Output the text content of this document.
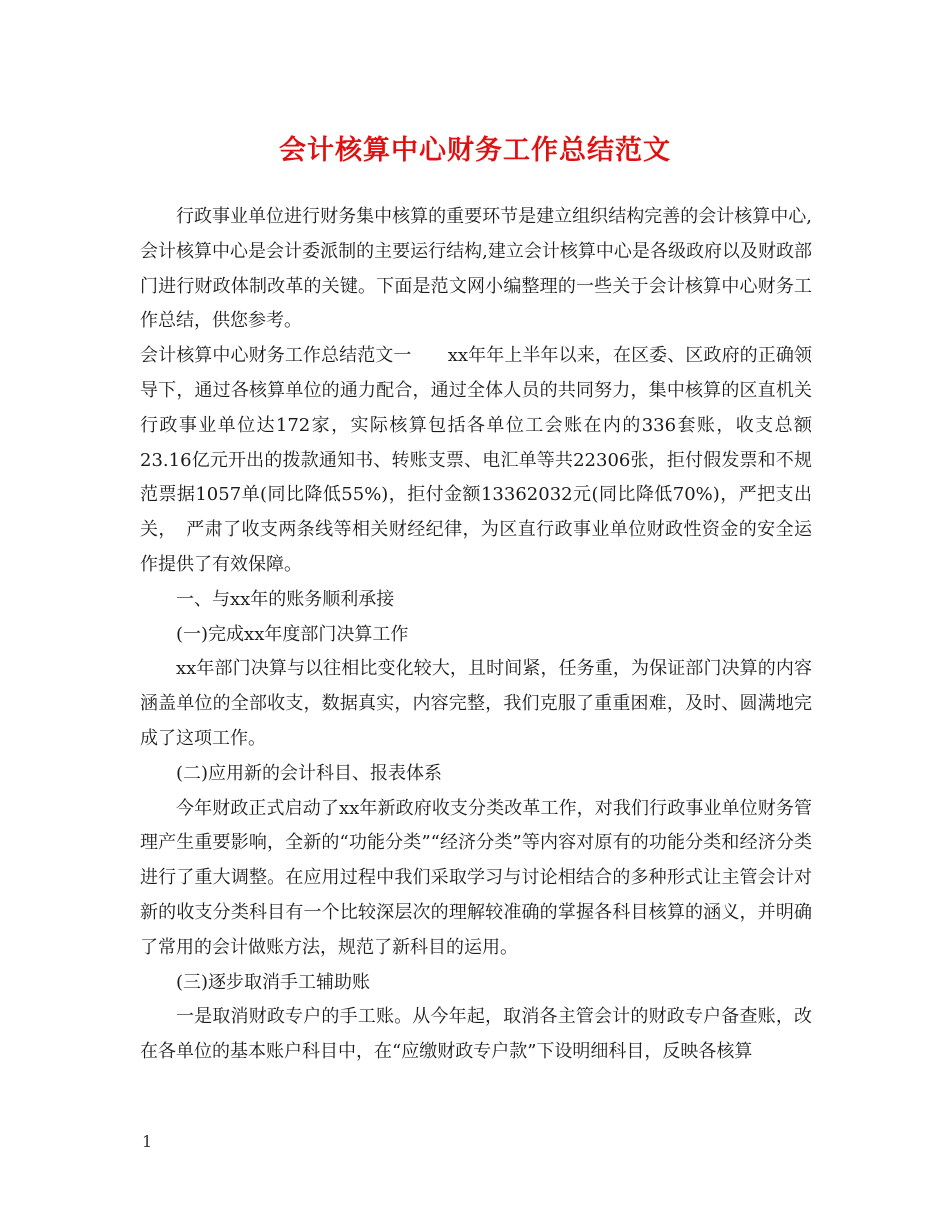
会计核算中心财务工作总结范文

行政事业单位进行财务集中核算的重要环节是建立组织结构完善的会计核算中心,会计核算中心是会计委派制的主要运行结构,建立会计核算中心是各级政府以及财政部门进行财政体制改革的关键。下面是范文网小编整理的一些关于会计核算中心财务工作总结，供您参考。

会计核算中心财务工作总结范文一　　xx年年上半年以来，在区委、区政府的正确领导下，通过各核算单位的通力配合，通过全体人员的共同努力，集中核算的区直机关行政事业单位达172家，实际核算包括各单位工会账在内的336套账，收支总额23.16亿元开出的拨款通知书、转账支票、电汇单等共22306张，拒付假发票和不规范票据1057单(同比降低55%)，拒付金额13362032元(同比降低70%)，严把支出关，　严肃了收支两条线等相关财经纪律，为区直行政事业单位财政性资金的安全运作提供了有效保障。

一、与xx年的账务顺利承接

(一)完成xx年度部门决算工作

xx年部门决算与以往相比变化较大，且时间紧，任务重，为保证部门决算的内容涵盖单位的全部收支，数据真实，内容完整，我们克服了重重困难，及时、圆满地完成了这项工作。

(二)应用新的会计科目、报表体系

今年财政正式启动了xx年新政府收支分类改革工作，对我们行政事业单位财务管理产生重要影响，全新的“功能分类”“经济分类”等内容对原有的功能分类和经济分类进行了重大调整。在应用过程中我们采取学习与讨论相结合的多种形式让主管会计对新的收支分类科目有一个比较深层次的理解较准确的掌握各科目核算的涵义，并明确了常用的会计做账方法，规范了新科目的运用。

(三)逐步取消手工辅助账

一是取消财政专户的手工账。从今年起，取消各主管会计的财政专户备查账，改在各单位的基本账户科目中，在“应缴财政专户款”下设明细科目，反映各核算

1
